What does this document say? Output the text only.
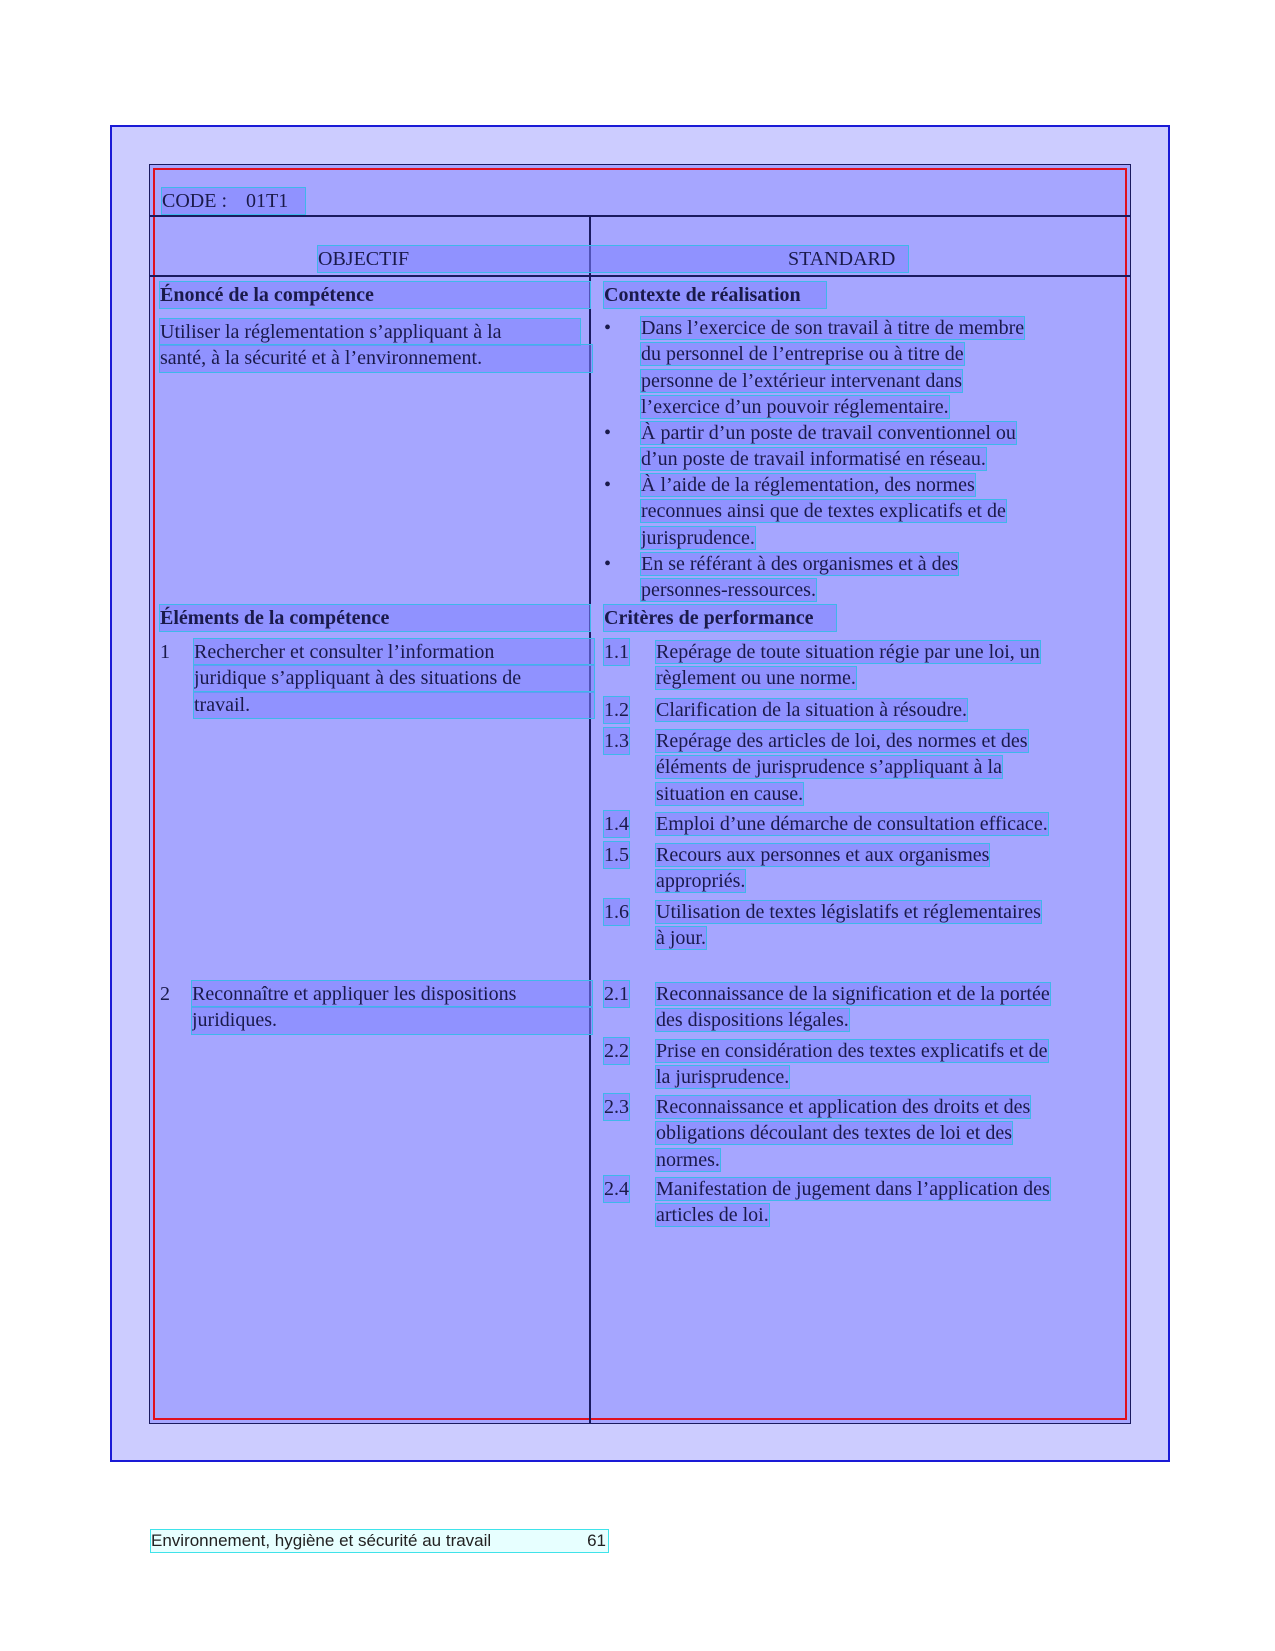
CODE : 01T1
OBJECTIF	STANDARD
Énoncé de la compétence
Utiliser la réglementation s’appliquant à la
santé, à la sécurité et à l’environnement.
Éléments de la compétence
1 Rechercher et consulter l’information
juridique s’appliquant à des situations de
travail.
2 Reconnaître et appliquer les dispositions
juridiques.
Contexte de réalisation
• Dans l’exercice de son travail à titre de membre
du personnel de l’entreprise ou à titre de
personne de l’extérieur intervenant dans
l’exercice d’un pouvoir réglementaire.
• À partir d’un poste de travail conventionnel ou
d’un poste de travail informatisé en réseau.
• À l’aide de la réglementation, des normes
reconnues ainsi que de textes explicatifs et de
jurisprudence.
• En se référant à des organismes et à des
personnes-ressources.
Critères de performance
1.1 Repérage de toute situation régie par une loi, un
règlement ou une norme.
1.2 Clarification de la situation à résoudre.
1.3 Repérage des articles de loi, des normes et des
éléments de jurisprudence s’appliquant à la
situation en cause.
1.4 Emploi d’une démarche de consultation efficace.
1.5 Recours aux personnes et aux organismes
appropriés.
1.6 Utilisation de textes législatifs et réglementaires
à jour.
2.1 Reconnaissance de la signification et de la portée
des dispositions légales.
2.2 Prise en considération des textes explicatifs et de
la jurisprudence.
2.3 Reconnaissance et application des droits et des
obligations découlant des textes de loi et des
normes.
2.4 Manifestation de jugement dans l’application des
articles de loi.
Environnement, hygiène et sécurité au travail	61
